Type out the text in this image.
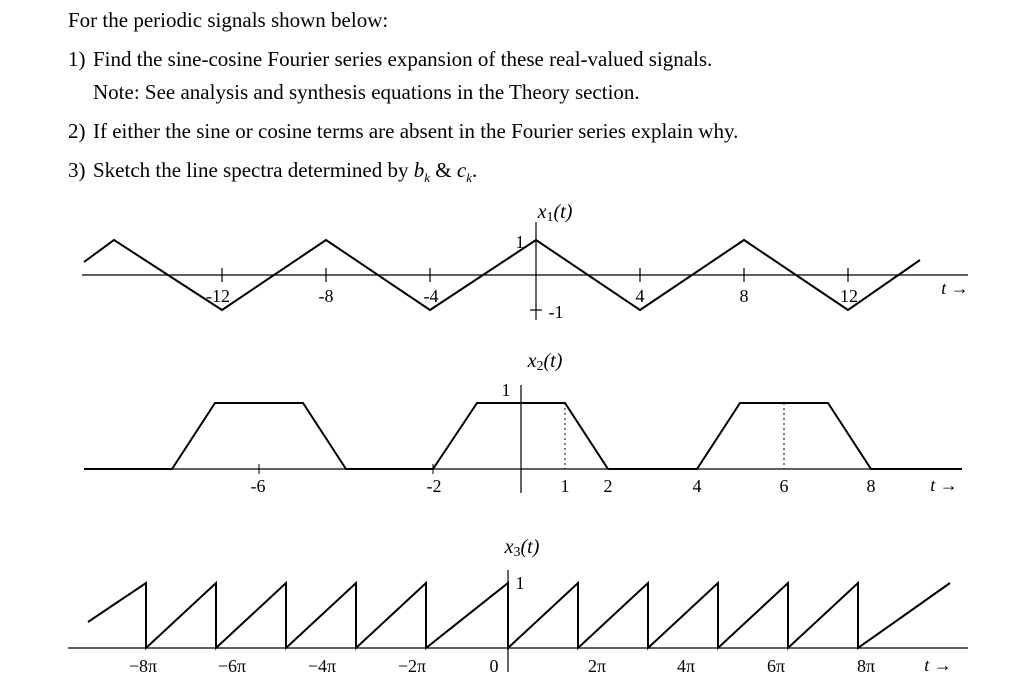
For the periodic signals shown below:
1) Find the sine-cosine Fourier series expansion of these real-valued signals.
Note: See analysis and synthesis equations in the Theory section.
2) If either the sine or cosine terms are absent in the Fourier series explain why.
3) Sketch the line spectra determined by $b_k$ & $c_k$.
x1(t)
-12	-8	-4	4	8	12
1
-1
t →
x2(t)
-6	-2	1 2	4	6	8
1
t →
x3(t)
−8π	−6π	−4π	−2π	0	2π	4π	6π	8π
1
t →
